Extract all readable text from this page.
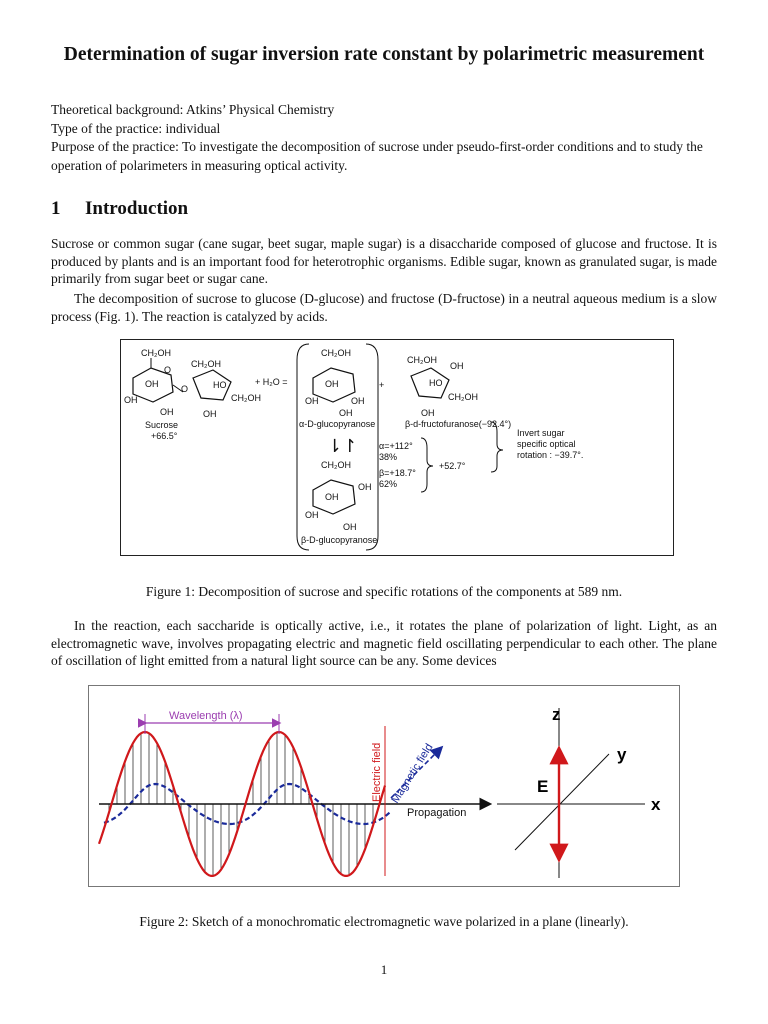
Determination of sugar inversion rate constant by polarimetric measurement
Theoretical background: Atkins’ Physical Chemistry
Type of the practice: individual
Purpose of the practice: To investigate the decomposition of sucrose under pseudo-first-order conditions and to study the operation of polarimeters in measuring optical activity.
1 Introduction

Sucrose or common sugar (cane sugar, beet sugar, maple sugar) is a disaccharide composed of glucose and fructose. It is produced by plants and is an important food for heterotrophic organisms. Edible sugar, known as granulated sugar, is made primarily from sugar beet or sugar cane.

The decomposition of sucrose to glucose (D-glucose) and fructose (D-fructose) in a neutral aqueous medium is a slow process (Fig. 1). The reaction is catalyzed by acids.

CH₂OH
O
OH
OH
OH
O
CH₂OH
HO
CH₂OH
OH
Sucrose
+66.5°
+ H₂O =
CH₂OH
OH
OH	OH
OH
α-D-glucopyranose
⇂↾
CH₂OH
OH
OH
OH
OH
β-D-glucopyranose
+
CH₂OH
OH
HO
CH₂OH
OH
β-d-fructofuranose(−92.4°)
α=+112°
38%
β=+18.7°
62%
+52.7°
Invert sugar
specific optical
rotation : −39.7°.
Figure 1: Decomposition of sucrose and specific rotations of the components at 589 nm.

In the reaction, each saccharide is optically active, i.e., it rotates the plane of polarization of light. Light, as an electromagnetic wave, involves propagating electric and magnetic field oscillating perpendicular to each other. The plane of oscillation of light emitted from a natural light source can be any. Some devices

Wavelength (λ)
Electric field Magnetic field
Propagation
z
y
x
E
Figure 2: Sketch of a monochromatic electromagnetic wave polarized in a plane (linearly).
1
